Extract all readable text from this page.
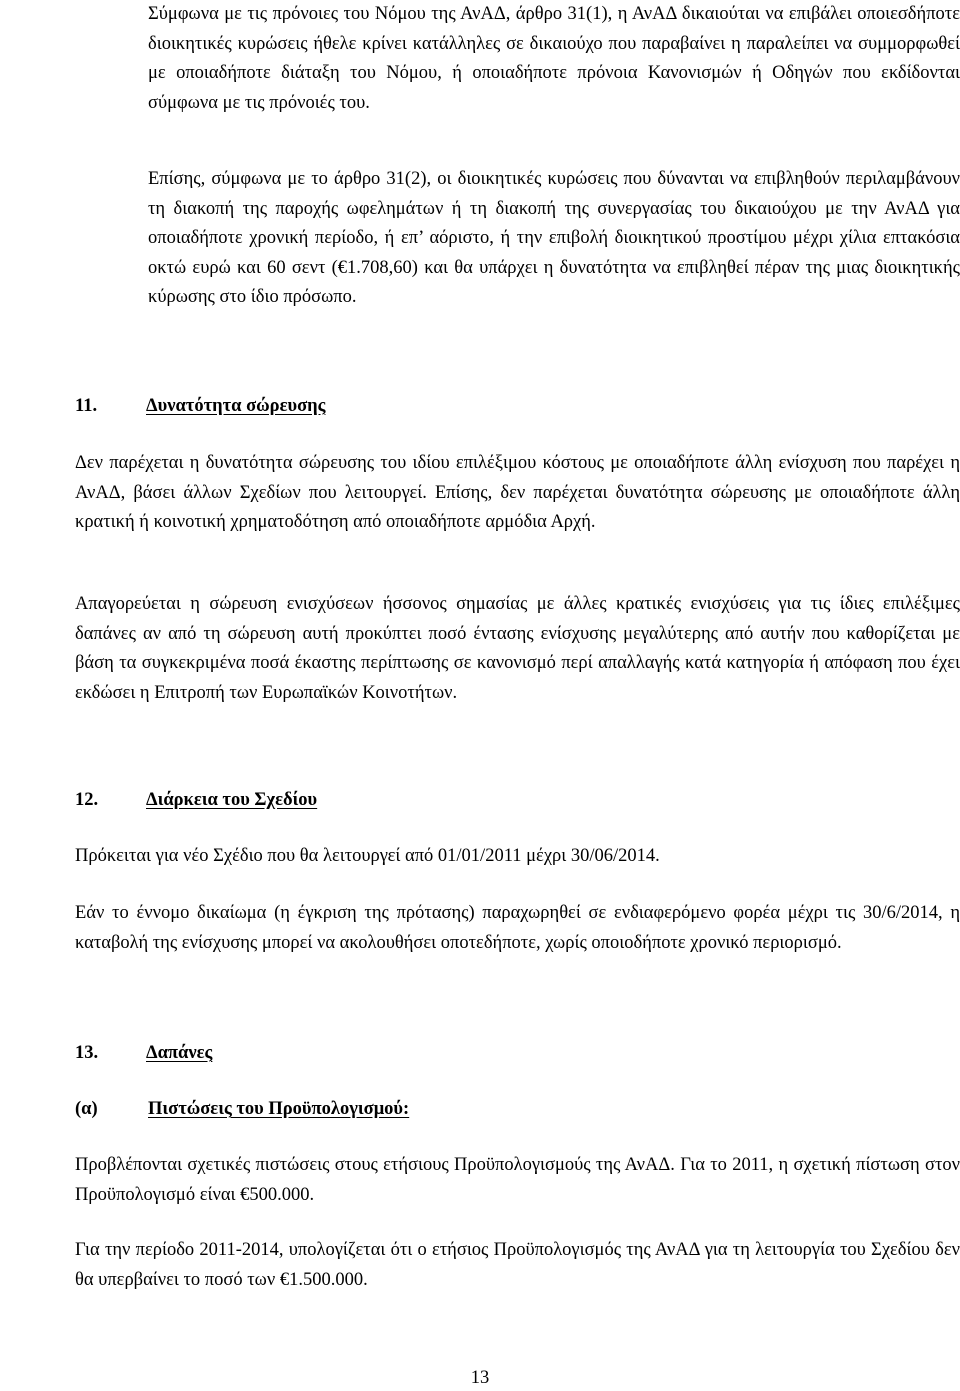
Σύμφωνα με τις πρόνοιες του Νόμου της ΑνΑΔ, άρθρο 31(1), η ΑνΑΔ δικαιούται να επιβάλει οποιεσδήποτε διοικητικές κυρώσεις ήθελε κρίνει κατάλληλες σε δικαιούχο που παραβαίνει η παραλείπει να συμμορφωθεί με οποιαδήποτε διάταξη του Νόμου, ή οποιαδήποτε πρόνοια Κανονισμών ή Οδηγών που εκδίδονται σύμφωνα με τις πρόνοιές του.

Επίσης, σύμφωνα με το άρθρο 31(2), οι διοικητικές κυρώσεις που δύνανται να επιβληθούν περιλαμβάνουν τη διακοπή της παροχής ωφελημάτων ή τη διακοπή της συνεργασίας του δικαιούχου με την ΑνΑΔ για οποιαδήποτε χρονική περίοδο, ή επ’ αόριστο, ή την επιβολή διοικητικού προστίμου μέχρι χίλια επτακόσια οκτώ ευρώ και 60 σεντ (€1.708,60) και θα υπάρχει η δυνατότητα να επιβληθεί πέραν της μιας διοικητικής κύρωσης στο ίδιο πρόσωπο.

11.	Δυνατότητα σώρευσης

Δεν παρέχεται η δυνατότητα σώρευσης του ιδίου επιλέξιμου κόστους με οποιαδήποτε άλλη ενίσχυση που παρέχει η ΑνΑΔ, βάσει άλλων Σχεδίων που λειτουργεί. Επίσης, δεν παρέχεται δυνατότητα σώρευσης με οποιαδήποτε άλλη κρατική ή κοινοτική χρηματοδότηση από οποιαδήποτε αρμόδια Αρχή.

Απαγορεύεται η σώρευση ενισχύσεων ήσσονος σημασίας με άλλες κρατικές ενισχύσεις για τις ίδιες επιλέξιμες δαπάνες αν από τη σώρευση αυτή προκύπτει ποσό έντασης ενίσχυσης μεγαλύτερης από αυτήν που καθορίζεται με βάση τα συγκεκριμένα ποσά έκαστης περίπτωσης σε κανονισμό περί απαλλαγής κατά κατηγορία ή απόφαση που έχει εκδώσει η Επιτροπή των Ευρωπαϊκών Κοινοτήτων.

12.	Διάρκεια του Σχεδίου

Πρόκειται για νέο Σχέδιο που θα λειτουργεί από 01/01/2011 μέχρι 30/06/2014.

Εάν το έννομο δικαίωμα (η έγκριση της πρότασης) παραχωρηθεί σε ενδιαφερόμενο φορέα μέχρι τις 30/6/2014, η καταβολή της ενίσχυσης μπορεί να ακολουθήσει οποτεδήποτε, χωρίς οποιοδήποτε χρονικό περιορισμό.

13.	Δαπάνες
(α)	Πιστώσεις του Προϋπολογισμού:

Προβλέπονται σχετικές πιστώσεις στους ετήσιους Προϋπολογισμούς της ΑνΑΔ. Για το 2011, η σχετική πίστωση στον Προϋπολογισμό είναι €500.000.

Για την περίοδο 2011-2014, υπολογίζεται ότι ο ετήσιος Προϋπολογισμός της ΑνΑΔ για τη λειτουργία του Σχεδίου δεν θα υπερβαίνει το ποσό των €1.500.000.

13
